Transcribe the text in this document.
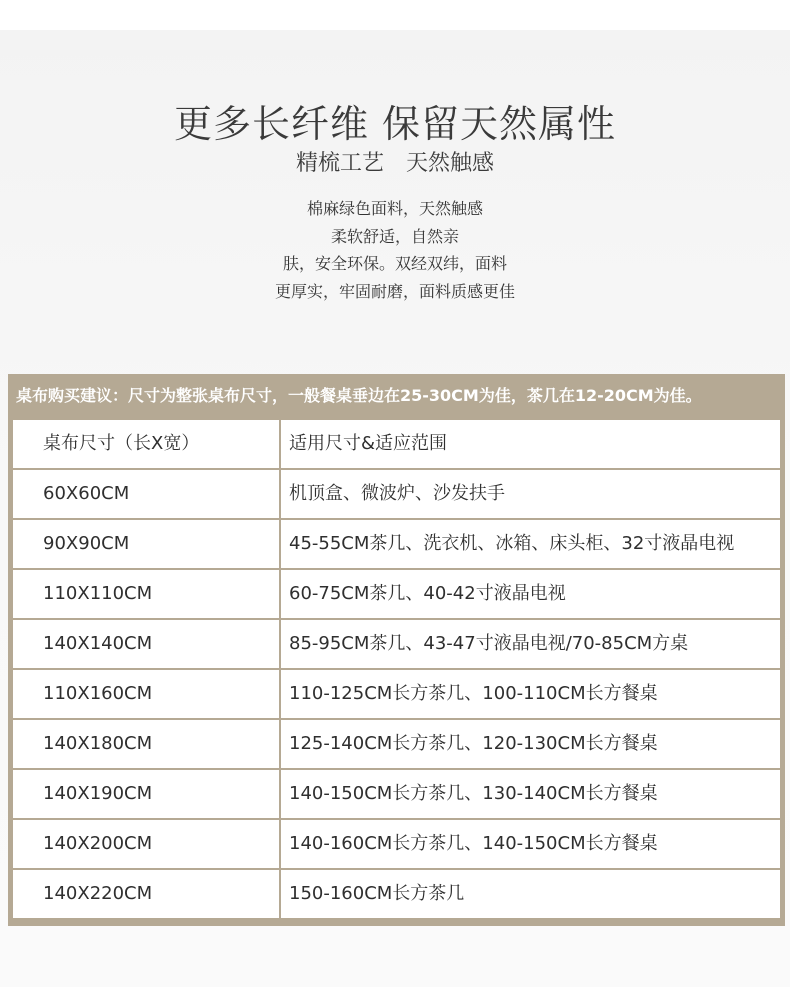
更多长纤维 保留天然属性
精梳工艺　天然触感
棉麻绿色面料，天然触感
柔软舒适，自然亲
肤，安全环保。双经双纬，面料
更厚实，牢固耐磨，面料质感更佳
桌布购买建议：尺寸为整张桌布尺寸，一般餐桌垂边在25-30CM为佳，茶几在12-20CM为佳。
桌布尺寸（长X宽）	适用尺寸&适应范围
60X60CM	机顶盒、微波炉、沙发扶手
90X90CM	45-55CM茶几、洗衣机、冰箱、床头柜、32寸液晶电视
110X110CM	60-75CM茶几、40-42寸液晶电视
140X140CM	85-95CM茶几、43-47寸液晶电视/70-85CM方桌
110X160CM	110-125CM长方茶几、100-110CM长方餐桌
140X180CM	125-140CM长方茶几、120-130CM长方餐桌
140X190CM	140-150CM长方茶几、130-140CM长方餐桌
140X200CM	140-160CM长方茶几、140-150CM长方餐桌
140X220CM	150-160CM长方茶几
